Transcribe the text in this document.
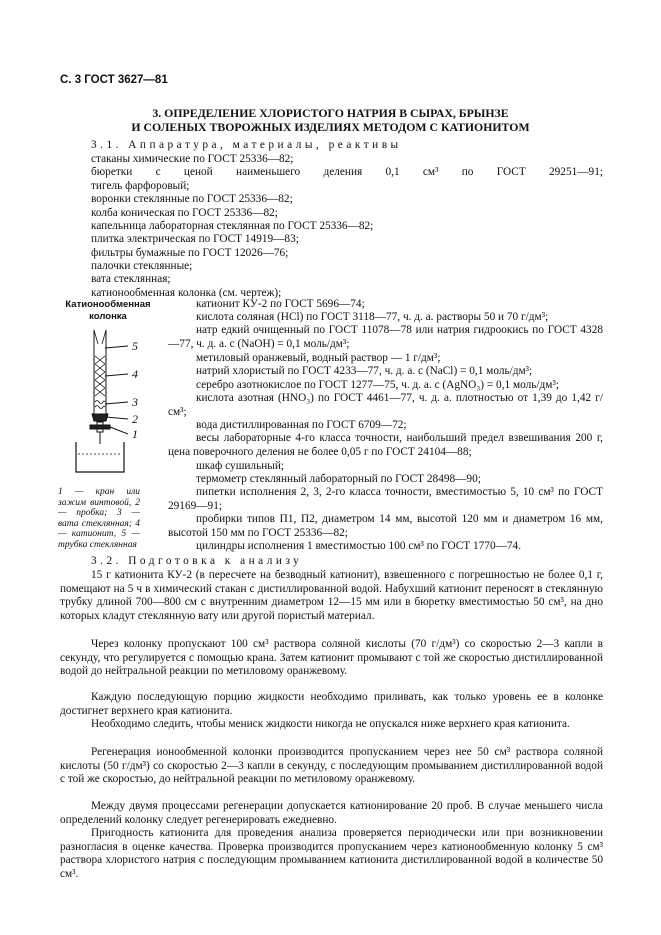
С. 3 ГОСТ 3627—81
3. ОПРЕДЕЛЕНИЕ ХЛОРИСТОГО НАТРИЯ В СЫРАХ, БРЫНЗЕ
И СОЛЕНЫХ ТВОРОЖНЫХ ИЗДЕЛИЯХ МЕТОДОМ С КАТИОНИТОМ
3.1. Аппаратура, материалы, реактивы
стаканы химические по ГОСТ 25336—82;
бюретки с ценой наименьшего деления 0,1 см³ по ГОСТ 29251—91;
тигель фарфоровый;
воронки стеклянные по ГОСТ 25336—82;
колба коническая по ГОСТ 25336—82;
капельница лабораторная стеклянная по ГОСТ 25336—82;
плитка электрическая по ГОСТ 14919—83;
фильтры бумажные по ГОСТ 12026—76;
палочки стеклянные;
вата стеклянная;
катионообменная колонка (см. чертеж);
Катионообменная
колонка
5
4
3
2
1
1 — кран или зажим винтовой, 2 — пробка; 3 — вата стеклянная; 4 — катионит, 5 — трубка стеклянная
катионит КУ-2 по ГОСТ 5696—74;
кислота соляная (HCl) по ГОСТ 3118—77, ч. д. а. растворы 50 и 70 г/дм³;
натр едкий очищенный по ГОСТ 11078—78 или натрия гидроокись по ГОСТ 4328—77, ч. д. а. с (NaOH) = 0,1 моль/дм³;
метиловый оранжевый, водный раствор — 1 г/дм³;
натрий хлористый по ГОСТ 4233—77, ч. д. а. с (NaCl) = 0,1 моль/дм³;
серебро азотнокислое по ГОСТ 1277—75, ч. д. а. с (AgNO₃) = 0,1 моль/дм³;
кислота азотная (HNO₃) по ГОСТ 4461—77, ч. д. а. плотностью от 1,39 до 1,42 г/см³;
вода дистиллированная по ГОСТ 6709—72;
весы лабораторные 4-го класса точности, наибольший предел взвешивания 200 г, цена поверочного деления не более 0,05 г по ГОСТ 24104—88;
шкаф сушильный;
термометр стеклянный лабораторный по ГОСТ 28498—90;
пипетки исполнения 2, 3, 2-го класса точности, вместимостью 5, 10 см³ по ГОСТ 29169—91;
пробирки типов П1, П2, диаметром 14 мм, высотой 120 мм и диаметром 16 мм, высотой 150 мм по ГОСТ 25336—82;
цилиндры исполнения 1 вместимостью 100 см³ по ГОСТ 1770—74.
3.2. Подготовка к анализу
15 г катионита КУ-2 (в пересчете на безводный катионит), взвешенного с погрешностью не более 0,1 г, помещают на 5 ч в химический стакан с дистиллированной водой. Набухший катионит переносят в стеклянную трубку длиной 700—800 см с внутренним диаметром 12—15 мм или в бюретку вместимостью 50 см³, на дно которых кладут стеклянную вату или другой пористый материал.
Через колонку пропускают 100 см³ раствора соляной кислоты (70 г/дм³) со скоростью 2—3 капли в секунду, что регулируется с помощью крана. Затем катионит промывают с той же скоростью дистиллированной водой до нейтральной реакции по метиловому оранжевому.
Каждую последующую порцию жидкости необходимо приливать, как только уровень ее в колонке достигнет верхнего края катионита.
Необходимо следить, чтобы мениск жидкости никогда не опускался ниже верхнего края катионита.
Регенерация ионообменной колонки производится пропусканием через нее 50 см³ раствора соляной кислоты (50 г/дм³) со скоростью 2—3 капли в секунду, с последующим промыванием дистиллированной водой с той же скоростью, до нейтральной реакции по метиловому оранжевому.
Между двумя процессами регенерации допускается катионирование 20 проб. В случае меньшего числа определений колонку следует регенерировать ежедневно.
Пригодность катионита для проведения анализа проверяется периодически или при возникновении разногласия в оценке качества. Проверка производится пропусканием через катионообменную колонку 5 см³ раствора хлористого натрия с последующим промыванием катионита дистиллированной водой в количестве 50 см³.
